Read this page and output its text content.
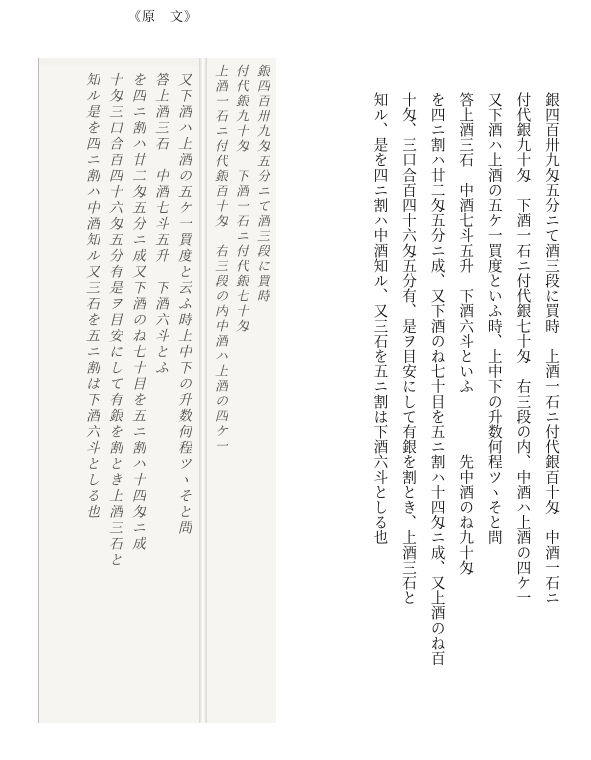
《原　文》
又下酒ハ上酒の五ケ一買度と云ふ時上中下の升数何程ツヽそと問
答上酒三石　中酒七斗五升　下酒六斗とふ
を四ニ割ハ廿二匁五分ニ成又下酒のね七十目を五ニ割ハ十四匁ニ成
十匁三口合百四十六匁五分有是ヲ目安にして有銀を割とき上酒三石と
知ル是を四ニ割ハ中酒知ル又三石を五ニ割は下酒六斗としる也	銀四百卅九匁五分ニて酒三段に買時
付代銀九十匁　下酒一石ニ付代銀七十匁
上酒一石ニ付代銀百十匁　右三段の内中酒ハ上酒の四ケ一	銀四百卅九匁五分ニて酒三段に買時　上酒一石ニ付代銀百十匁　中酒一石ニ
付代銀九十匁　下酒一石ニ付代銀七十匁　右三段の内、中酒ハ上酒の四ケ一
又下酒ハ上酒の五ケ一買度といふ時、上中下の升数何程ツヽそと問
答上酒三石　中酒七斗五升　下酒六斗といふ　　　　先中酒のね九十匁
を四ニ割ハ廿二匁五分ニ成、又下酒のね七十目を五ニ割ハ十四匁ニ成、又上酒のね百
十匁、三口合百四十六匁五分有、是ヲ目安にして有銀を割とき、上酒三石と
知ル、是を四ニ割ハ中酒知ル、又三石を五ニ割は下酒六斗としる也
